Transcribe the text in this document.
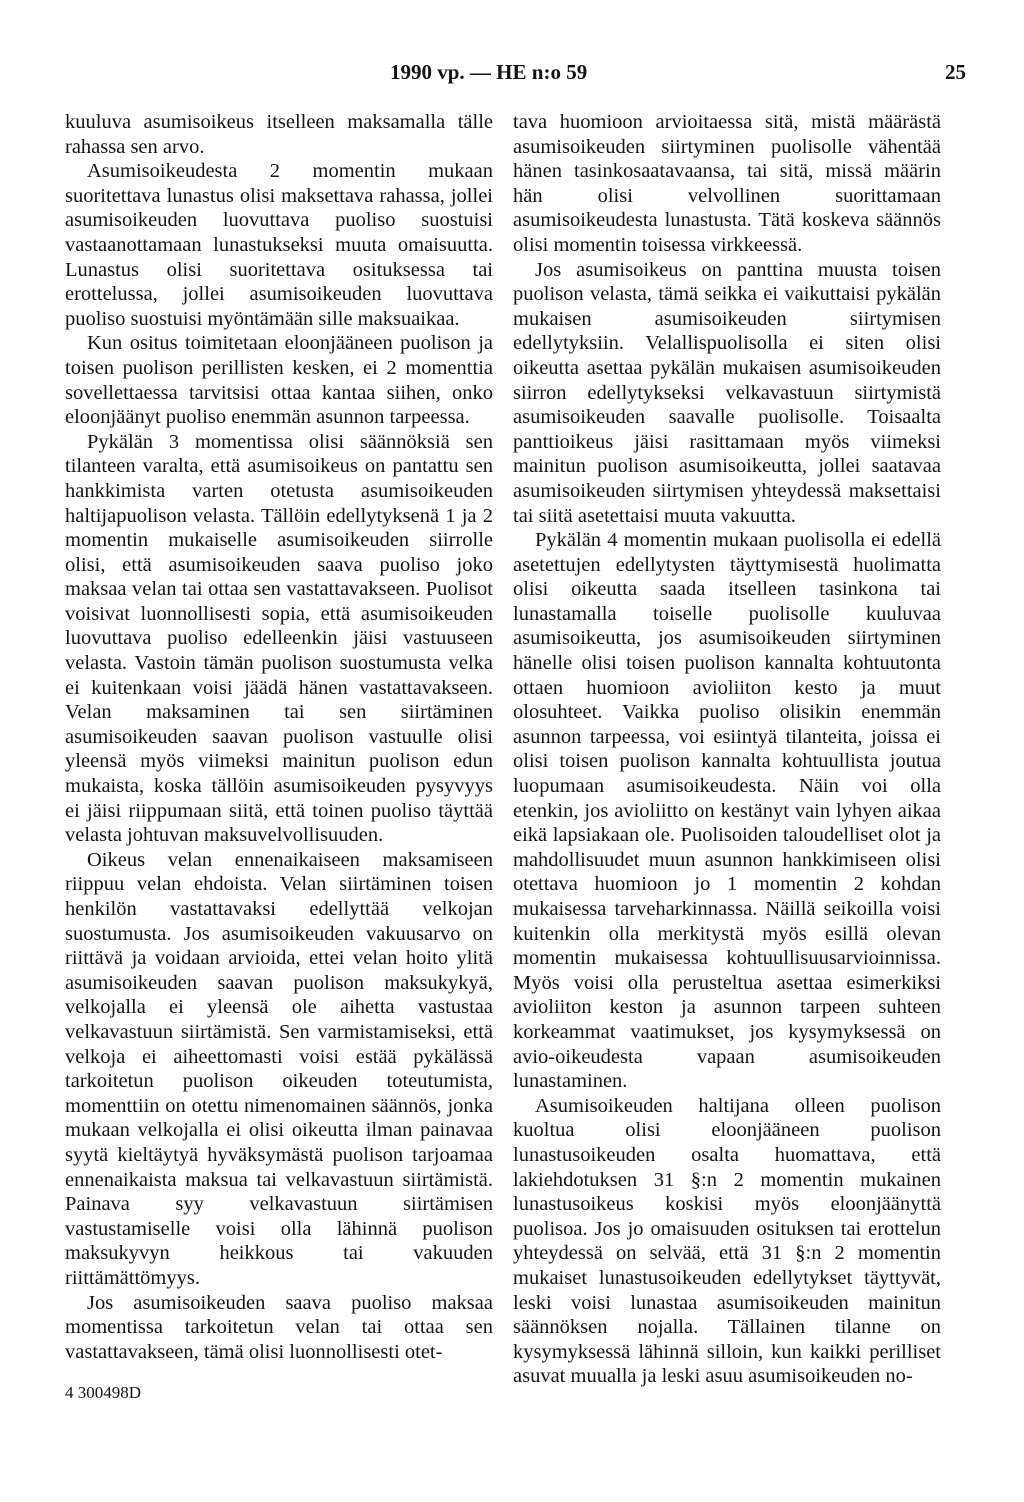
1990 vp. — HE n:o 59	25

kuuluva asumisoikeus itselleen maksamalla tälle rahassa sen arvo.

Asumisoikeudesta 2 momentin mukaan suoritettava lunastus olisi maksettava rahassa, jollei asumisoikeuden luovuttava puoliso suostuisi vastaanottamaan lunastukseksi muuta omaisuutta. Lunastus olisi suoritettava osituksessa tai erottelussa, jollei asumisoikeuden luovuttava puoliso suostuisi myöntämään sille maksuaikaa.

Kun ositus toimitetaan eloonjääneen puolison ja toisen puolison perillisten kesken, ei 2 momenttia sovellettaessa tarvitsisi ottaa kantaa siihen, onko eloonjäänyt puoliso enemmän asunnon tarpeessa.

Pykälän 3 momentissa olisi säännöksiä sen tilanteen varalta, että asumisoikeus on pantattu sen hankkimista varten otetusta asumisoikeuden haltijapuolison velasta. Tällöin edellytyksenä 1 ja 2 momentin mukaiselle asumisoikeuden siirrolle olisi, että asumisoikeuden saava puoliso joko maksaa velan tai ottaa sen vastattavakseen. Puolisot voisivat luonnollisesti sopia, että asumisoikeuden luovuttava puoliso edelleenkin jäisi vastuuseen velasta. Vastoin tämän puolison suostumusta velka ei kuitenkaan voisi jäädä hänen vastattavakseen. Velan maksaminen tai sen siirtäminen asumisoikeuden saavan puolison vastuulle olisi yleensä myös viimeksi mainitun puolison edun mukaista, koska tällöin asumisoikeuden pysyvyys ei jäisi riippumaan siitä, että toinen puoliso täyttää velasta johtuvan maksuvelvollisuuden.

Oikeus velan ennenaikaiseen maksamiseen riippuu velan ehdoista. Velan siirtäminen toisen henkilön vastattavaksi edellyttää velkojan suostumusta. Jos asumisoikeuden vakuusarvo on riittävä ja voidaan arvioida, ettei velan hoito ylitä asumisoikeuden saavan puolison maksukykyä, velkojalla ei yleensä ole aihetta vastustaa velkavastuun siirtämistä. Sen varmistamiseksi, että velkoja ei aiheettomasti voisi estää pykälässä tarkoitetun puolison oikeuden toteutumista, momenttiin on otettu nimenomainen säännös, jonka mukaan velkojalla ei olisi oikeutta ilman painavaa syytä kieltäytyä hyväksymästä puolison tarjoamaa ennenaikaista maksua tai velkavastuun siirtämistä. Painava syy velkavastuun siirtämisen vastustamiselle voisi olla lähinnä puolison maksukyvyn heikkous tai vakuuden riittämättömyys.

Jos asumisoikeuden saava puoliso maksaa momentissa tarkoitetun velan tai ottaa sen vastattavakseen, tämä olisi luonnollisesti otet-

tava huomioon arvioitaessa sitä, mistä määrästä asumisoikeuden siirtyminen puolisolle vähentää hänen tasinkosaatavaansa, tai sitä, missä määrin hän olisi velvollinen suorittamaan asumisoikeudesta lunastusta. Tätä koskeva säännös olisi momentin toisessa virkkeessä.

Jos asumisoikeus on panttina muusta toisen puolison velasta, tämä seikka ei vaikuttaisi pykälän mukaisen asumisoikeuden siirtymisen edellytyksiin. Velallispuolisolla ei siten olisi oikeutta asettaa pykälän mukaisen asumisoikeuden siirron edellytykseksi velkavastuun siirtymistä asumisoikeuden saavalle puolisolle. Toisaalta panttioikeus jäisi rasittamaan myös viimeksi mainitun puolison asumisoikeutta, jollei saatavaa asumisoikeuden siirtymisen yhteydessä maksettaisi tai siitä asetettaisi muuta vakuutta.

Pykälän 4 momentin mukaan puolisolla ei edellä asetettujen edellytysten täyttymisestä huolimatta olisi oikeutta saada itselleen tasinkona tai lunastamalla toiselle puolisolle kuuluvaa asumisoikeutta, jos asumisoikeuden siirtyminen hänelle olisi toisen puolison kannalta kohtuutonta ottaen huomioon avioliiton kesto ja muut olosuhteet. Vaikka puoliso olisikin enemmän asunnon tarpeessa, voi esiintyä tilanteita, joissa ei olisi toisen puolison kannalta kohtuullista joutua luopumaan asumisoikeudesta. Näin voi olla etenkin, jos avioliitto on kestänyt vain lyhyen aikaa eikä lapsiakaan ole. Puolisoiden taloudelliset olot ja mahdollisuudet muun asunnon hankkimiseen olisi otettava huomioon jo 1 momentin 2 kohdan mukaisessa tarveharkinnassa. Näillä seikoilla voisi kuitenkin olla merkitystä myös esillä olevan momentin mukaisessa kohtuullisuusarvioinnissa. Myös voisi olla perusteltua asettaa esimerkiksi avioliiton keston ja asunnon tarpeen suhteen korkeammat vaatimukset, jos kysymyksessä on avio-oikeudesta vapaan asumisoikeuden lunastaminen.

Asumisoikeuden haltijana olleen puolison kuoltua olisi eloonjääneen puolison lunastusoikeuden osalta huomattava, että lakiehdotuksen 31 §:n 2 momentin mukainen lunastusoikeus koskisi myös eloonjäänyttä puolisoa. Jos jo omaisuuden osituksen tai erottelun yhteydessä on selvää, että 31 §:n 2 momentin mukaiset lunastusoikeuden edellytykset täyttyvät, leski voisi lunastaa asumisoikeuden mainitun säännöksen nojalla. Tällainen tilanne on kysymyksessä lähinnä silloin, kun kaikki perilliset asuvat muualla ja leski asuu asumisoikeuden no-

4 300498D
